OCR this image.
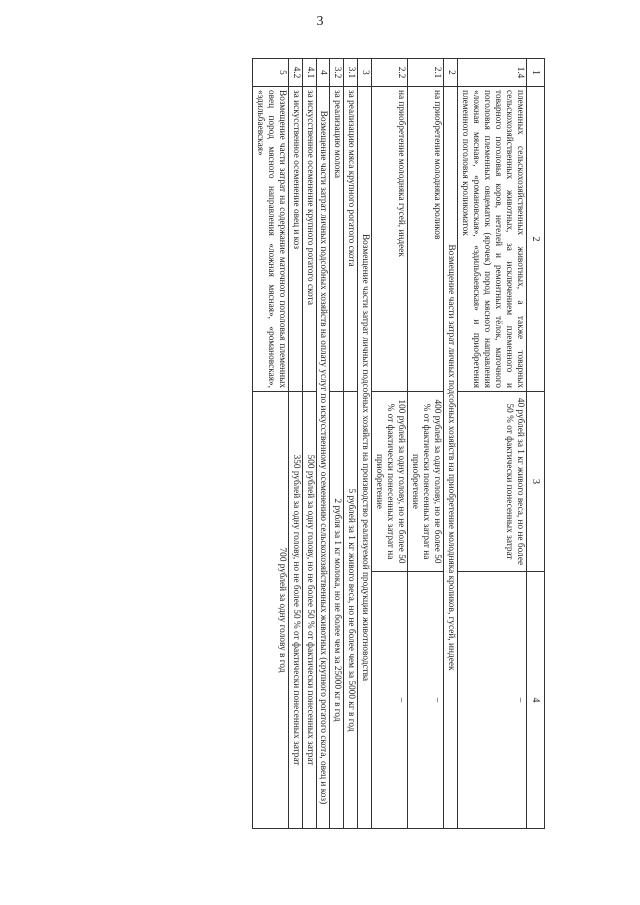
3
1	2	3	4
1.4	племенных сельскохозяйственных животных, а также товарных сельскохозяйственных животных, за исключением племенного и товарного поголовья коров, нетелей и ремонтных тёлок, маточного поголовья племенных овцематок (ярочек) пород мясного направления «ложная мясная», «романовская», «эдильбаевская» и приобретения племенного поголовья кроликоматок	40 рублей за 1 кг живого веса, но не более 50 % от фактически понесенных затрат	–
2	Возмещение части затрат личных подсобных хозяйств на приобретение молодняка кроликов, гусей, индеек		
2.1	на приобретение молодняка кроликов	400 рублей за одну голову, но не более 50 % от фактически понесенных затрат на приобретение	–
2.2	на приобретение молодняка гусей, индеек	100 рублей за одну голову, но не более 50 % от фактически понесенных затрат на приобретение	–
3	Возмещение части затрат личных подсобных хозяйств на производство реализуемой продукции животноводства		
3.1	за реализацию мяса крупного рогатого скота	5 рублей за 1 кг живого веса, но не более чем за 5000 кг в год	
3.2	за реализацию молока	2 рубля за 1 кг молока, но не более чем за 25000 кг в год	
4	Возмещение части затрат личных подсобных хозяйств на оплату услуг по искусственному осеменению сельскохозяйственных животных (крупного рогатого скота, овец и коз)		
4.1	за искусственное осеменение крупного рогатого скота	500 рублей за одну голову, но не более 50 % от фактически понесенных затрат	
4.2	за искусственное осеменение овец и коз	350 рублей за одну голову, но не более 50 % от фактически понесенных затрат	
5	Возмещение части затрат на содержание маточного поголовья племенных овец пород мясного направления «ложная мясная», «романовская», «эдильбаевская»	700 рублей за одну голову в год	
